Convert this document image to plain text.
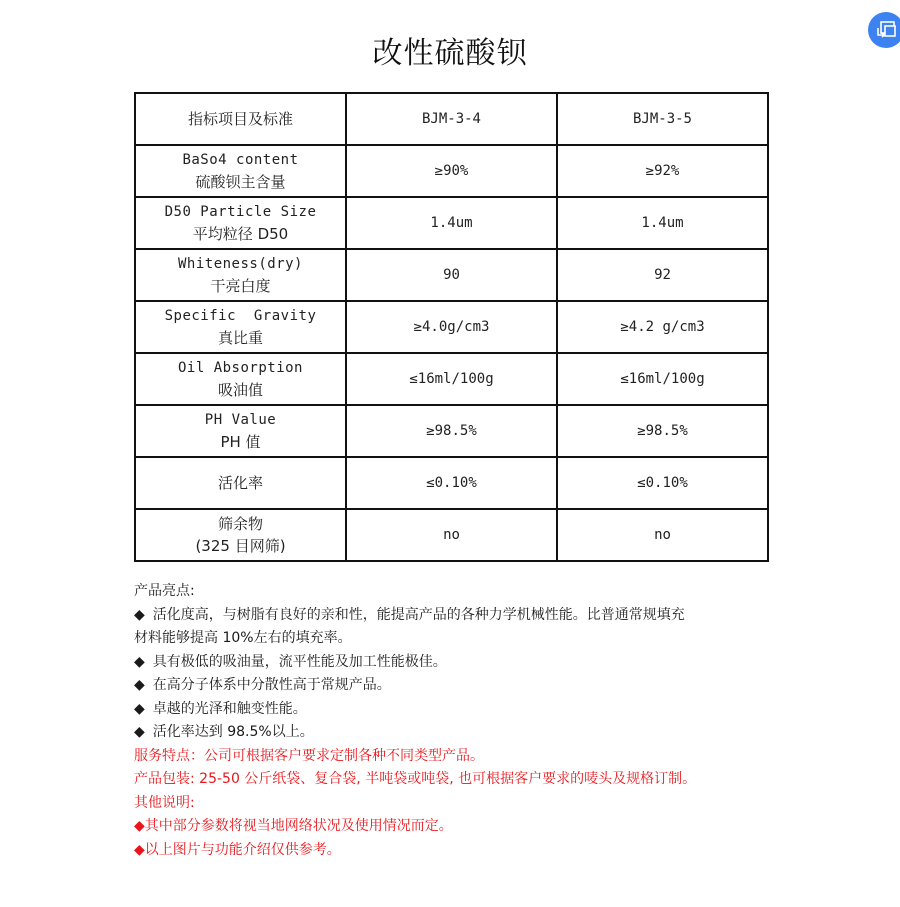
改性硫酸钡
指标项目及标准	BJM-3-4	BJM-3-5

BaSo4 content
硫酸钡主含量	≥90%	≥92%

D50 Particle Size
平均粒径 D50	1.4um	1.4um

Whiteness(dry)
干亮白度	90	92

Specific  Gravity
真比重	≥4.0g/cm3	≥4.2 g/cm3

Oil Absorption
吸油值	≤16ml/100g	≤16ml/100g

PH Value
PH 值	≥98.5%	≥98.5%

活化率	≤0.10%	≤0.10%

筛余物
(325 目网筛)	no	no

产品亮点:

◆ 活化度高，与树脂有良好的亲和性，能提高产品的各种力学机械性能。比普通常规填充

材料能够提高 10%左右的填充率。

◆ 具有极低的吸油量，流平性能及加工性能极佳。

◆ 在高分子体系中分散性高于常规产品。

◆ 卓越的光泽和触变性能。

◆ 活化率达到 98.5%以上。

服务特点：公司可根据客户要求定制各种不同类型产品。

产品包装: 25-50 公斤纸袋、复合袋, 半吨袋或吨袋, 也可根据客户要求的唛头及规格订制。

其他说明:

◆其中部分参数将视当地网络状况及使用情况而定。

◆以上图片与功能介绍仅供参考。
